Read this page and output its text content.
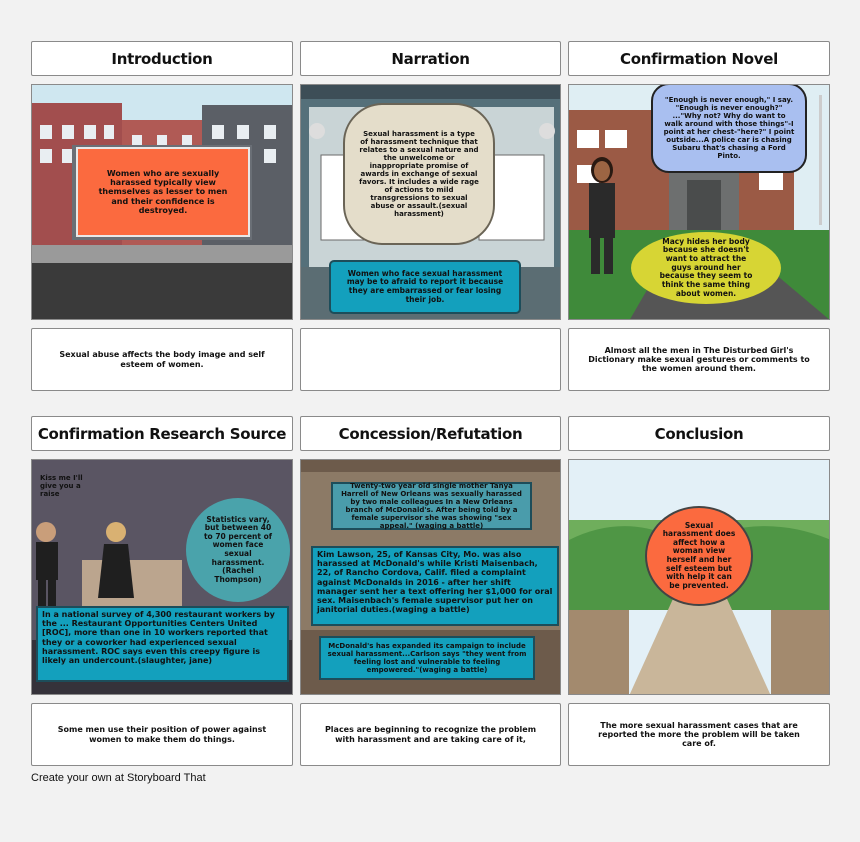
Introduction	Narration	Confirmation Novel
Confirmation Research Source	Concession/Refutation	Conclusion
Women who are sexually harassed typically view themselves as lesser to men and their confidence is destroyed.
Sexual harassment is a type of harassment technique that relates to a sexual nature and the unwelcome or inappropriate promise of awards in exchange of sexual favors. It includes a wide rage of actions to mild transgressions to sexual abuse or assault.(sexual harassment)
Women who face sexual harassment may be to afraid to report it because they are embarrassed or fear losing their job.
"Enough is never enough," I say. "Enough is never enough?" ..."Why not? Why do want to walk around with those things"-I point at her chest-"here?" I point outside...A police car is chasing Subaru that's chasing a Ford Pinto.
Macy hides her body because she doesn't want to attract the guys around her because they seem to think the same thing about women.
Kiss me I'll give you a raise
Statistics vary, but between 40 to 70 percent of women face sexual harassment. (Rachel Thompson)
In a national survey of 4,300 restaurant workers by the ... Restaurant Opportunities Centers United [ROC], more than one in 10 workers reported that they or a coworker had experienced sexual harassment. ROC says even this creepy figure is likely an undercount.(slaughter, jane)
Twenty-two year old single mother Tanya Harrell of New Orleans was sexually harassed by two male colleagues In a New Orleans branch of McDonald's. After being told by a female supervisor she was showing "sex appeal." (waging a battle)
Kim Lawson, 25, of Kansas City, Mo. was also harassed at McDonald's while Kristi Maisenbach, 22, of Rancho Cordova, Calif. filed a complaint against McDonalds in 2016 - after her shift manager sent her a text offering her $1,000 for oral sex. Maisenbach's female supervisor put her on janitorial duties.(waging a battle)
McDonald's has expanded its campaign to include sexual harassment...Carlson says "they went from feeling lost and vulnerable to feeling empowered."(waging a battle)
Sexual harassment does affect how a woman view herself and her self esteem but with help it can be prevented.
Sexual abuse affects the body image and self esteem of women.
Almost all the men in The Disturbed Girl's Dictionary make sexual gestures or comments to the women around them.
Some men use their position of power against women to make them do things.
Places are beginning to recognize the problem with harassment and are taking care of it,
The more sexual harassment cases that are reported the more the problem will be taken care of.
Create your own at Storyboard That
